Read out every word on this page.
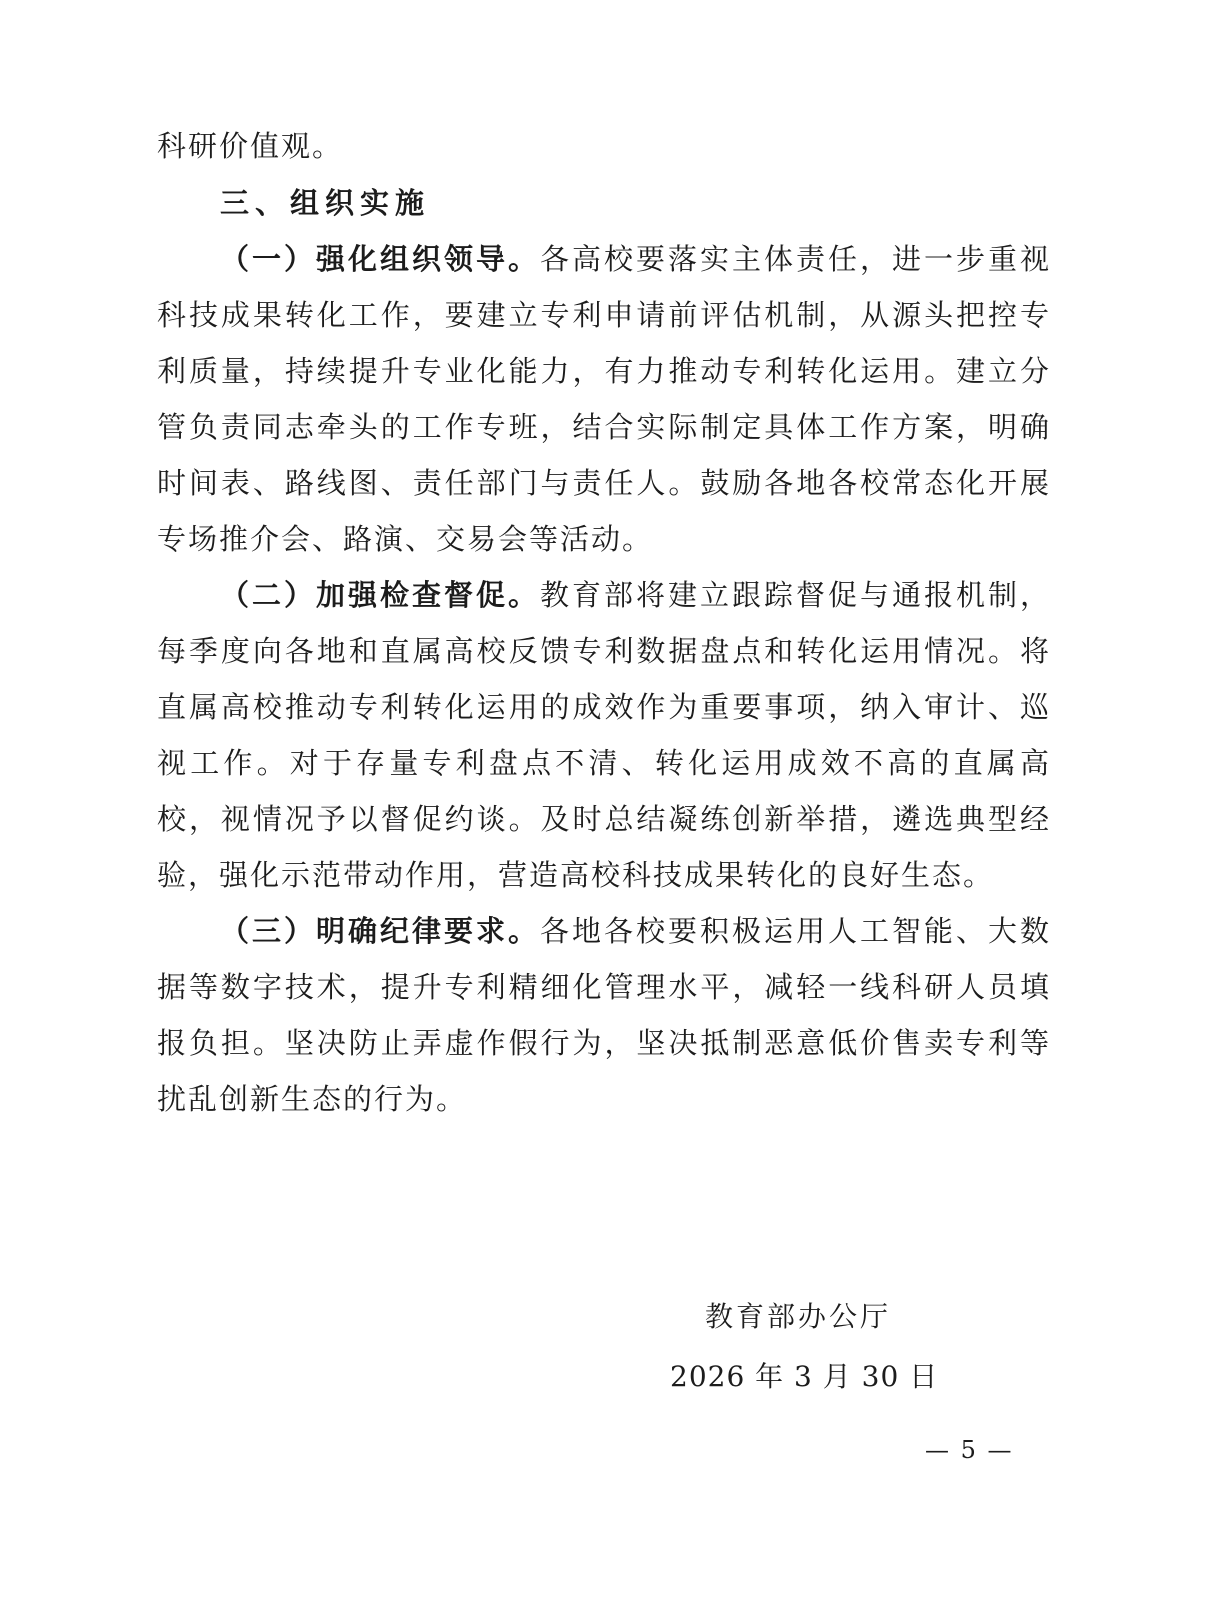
科研价值观。
三、组织实施
（一）强化组织领导。各高校要落实主体责任，进一步重视
科技成果转化工作，要建立专利申请前评估机制，从源头把控专
利质量，持续提升专业化能力，有力推动专利转化运用。建立分
管负责同志牵头的工作专班，结合实际制定具体工作方案，明确
时间表、路线图、责任部门与责任人。鼓励各地各校常态化开展
专场推介会、路演、交易会等活动。
（二）加强检查督促。教育部将建立跟踪督促与通报机制，
每季度向各地和直属高校反馈专利数据盘点和转化运用情况。将
直属高校推动专利转化运用的成效作为重要事项，纳入审计、巡
视工作。对于存量专利盘点不清、转化运用成效不高的直属高
校，视情况予以督促约谈。及时总结凝练创新举措，遴选典型经
验，强化示范带动作用，营造高校科技成果转化的良好生态。
（三）明确纪律要求。各地各校要积极运用人工智能、大数
据等数字技术，提升专利精细化管理水平，减轻一线科研人员填
报负担。坚决防止弄虚作假行为，坚决抵制恶意低价售卖专利等
扰乱创新生态的行为。
教育部办公厅
2026 年 3 月 30 日
— 5 —
